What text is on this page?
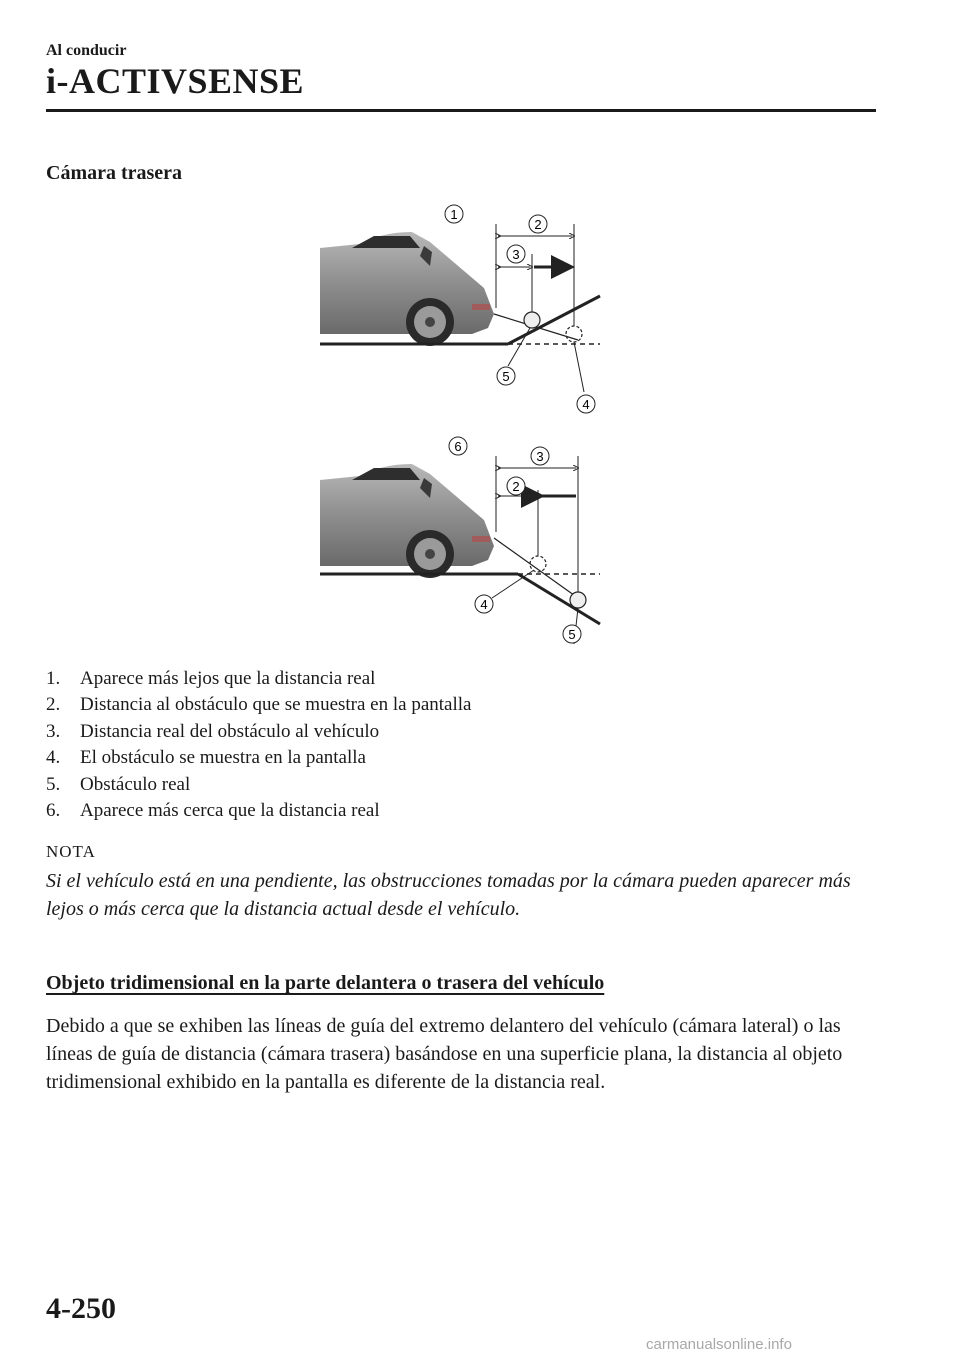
Al conducir
i-ACTIVSENSE
Cámara trasera
1
2
3
5
4
6
3
2
4
5
1. Aparece más lejos que la distancia real
2. Distancia al obstáculo que se muestra en la pantalla
3. Distancia real del obstáculo al vehículo
4. El obstáculo se muestra en la pantalla
5. Obstáculo real
6. Aparece más cerca que la distancia real
NOTA
Si el vehículo está en una pendiente, las obstrucciones tomadas por la cámara pueden aparecer más lejos o más cerca que la distancia actual desde el vehículo.
Objeto tridimensional en la parte delantera o trasera del vehículo
Debido a que se exhiben las líneas de guía del extremo delantero del vehículo (cámara lateral) o las líneas de guía de distancia (cámara trasera) basándose en una superficie plana, la distancia al objeto tridimensional exhibido en la pantalla es diferente de la distancia real.
4-250
carmanualsonline.info
